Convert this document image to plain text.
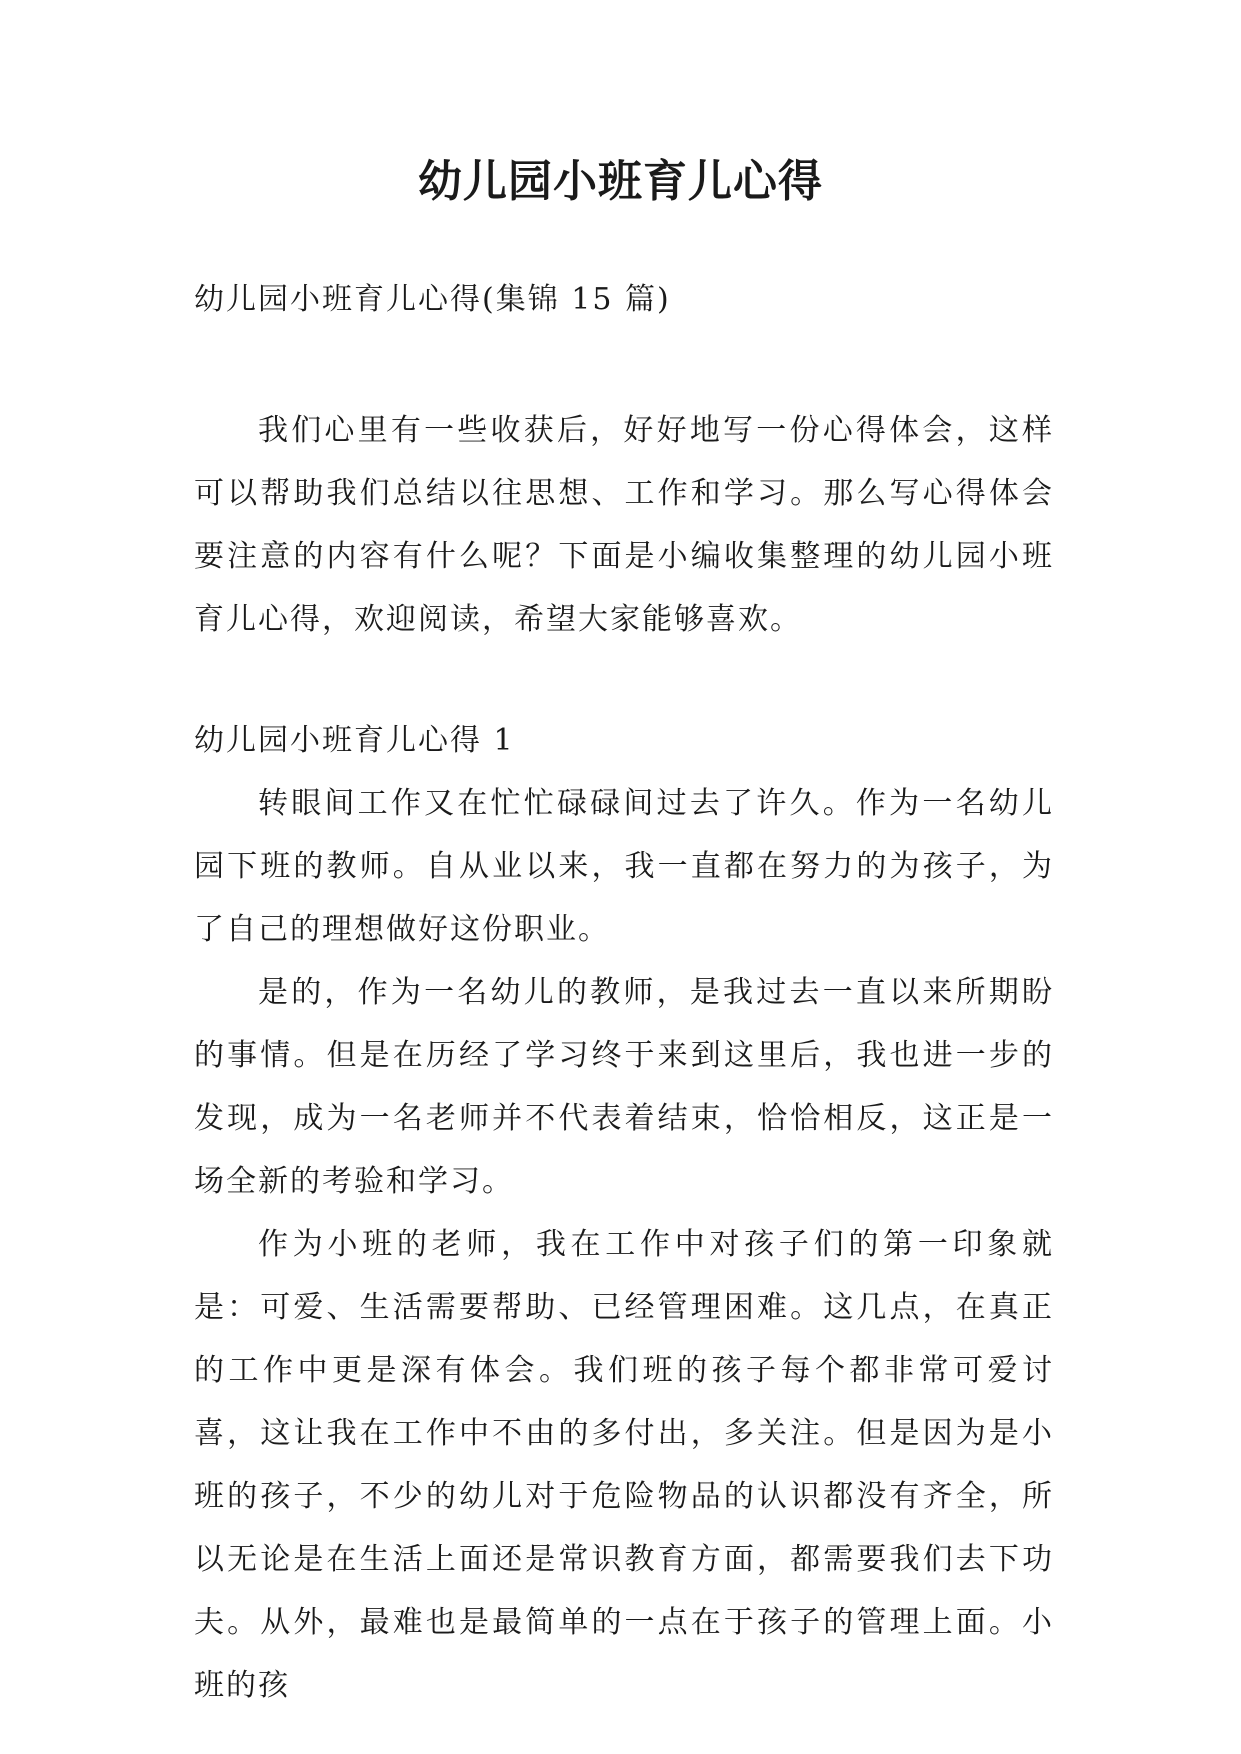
幼儿园小班育儿心得

幼儿园小班育儿心得(集锦 15 篇)

我们心里有一些收获后，好好地写一份心得体会，这样可以帮助我们总结以往思想、工作和学习。那么写心得体会要注意的内容有什么呢？下面是小编收集整理的幼儿园小班育儿心得，欢迎阅读，希望大家能够喜欢。

幼儿园小班育儿心得 1

转眼间工作又在忙忙碌碌间过去了许久。作为一名幼儿园下班的教师。自从业以来，我一直都在努力的为孩子，为了自己的理想做好这份职业。

是的，作为一名幼儿的教师，是我过去一直以来所期盼的事情。但是在历经了学习终于来到这里后，我也进一步的发现，成为一名老师并不代表着结束，恰恰相反，这正是一场全新的考验和学习。

作为小班的老师，我在工作中对孩子们的第一印象就是：可爱、生活需要帮助、已经管理困难。这几点，在真正的工作中更是深有体会。我们班的孩子每个都非常可爱讨喜，这让我在工作中不由的多付出，多关注。但是因为是小班的孩子，不少的幼儿对于危险物品的认识都没有齐全，所以无论是在生活上面还是常识教育方面，都需要我们去下功夫。从外，最难也是最简单的一点在于孩子的管理上面。小班的孩
